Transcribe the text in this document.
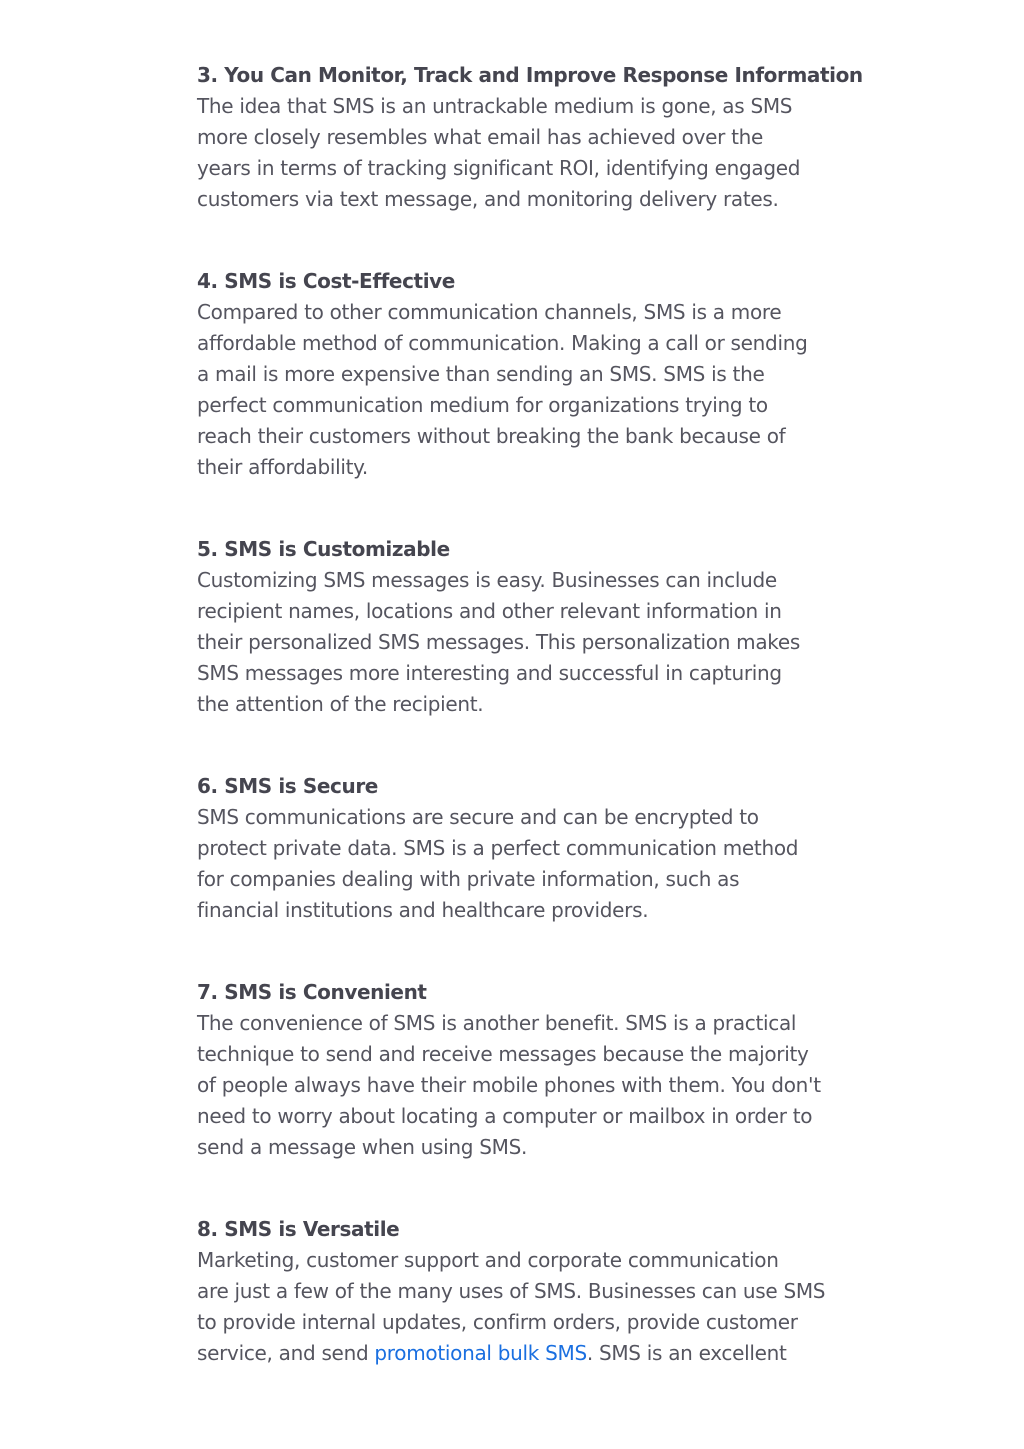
3. You Can Monitor, Track and Improve Response Information

The idea that SMS is an untrackable medium is gone, as SMS
more closely resembles what email has achieved over the
years in terms of tracking significant ROI, identifying engaged
customers via text message, and monitoring delivery rates.

4. SMS is Cost-Effective

Compared to other communication channels, SMS is a more
affordable method of communication. Making a call or sending
a mail is more expensive than sending an SMS. SMS is the
perfect communication medium for organizations trying to
reach their customers without breaking the bank because of
their affordability.

5. SMS is Customizable

Customizing SMS messages is easy. Businesses can include
recipient names, locations and other relevant information in
their personalized SMS messages. This personalization makes
SMS messages more interesting and successful in capturing
the attention of the recipient.

6. SMS is Secure

SMS communications are secure and can be encrypted to
protect private data. SMS is a perfect communication method
for companies dealing with private information, such as
financial institutions and healthcare providers.

7. SMS is Convenient

The convenience of SMS is another benefit. SMS is a practical
technique to send and receive messages because the majority
of people always have their mobile phones with them. You don't
need to worry about locating a computer or mailbox in order to
send a message when using SMS.

8. SMS is Versatile

Marketing, customer support and corporate communication
are just a few of the many uses of SMS. Businesses can use SMS
to provide internal updates, confirm orders, provide customer
service, and send promotional bulk SMS. SMS is an excellent
